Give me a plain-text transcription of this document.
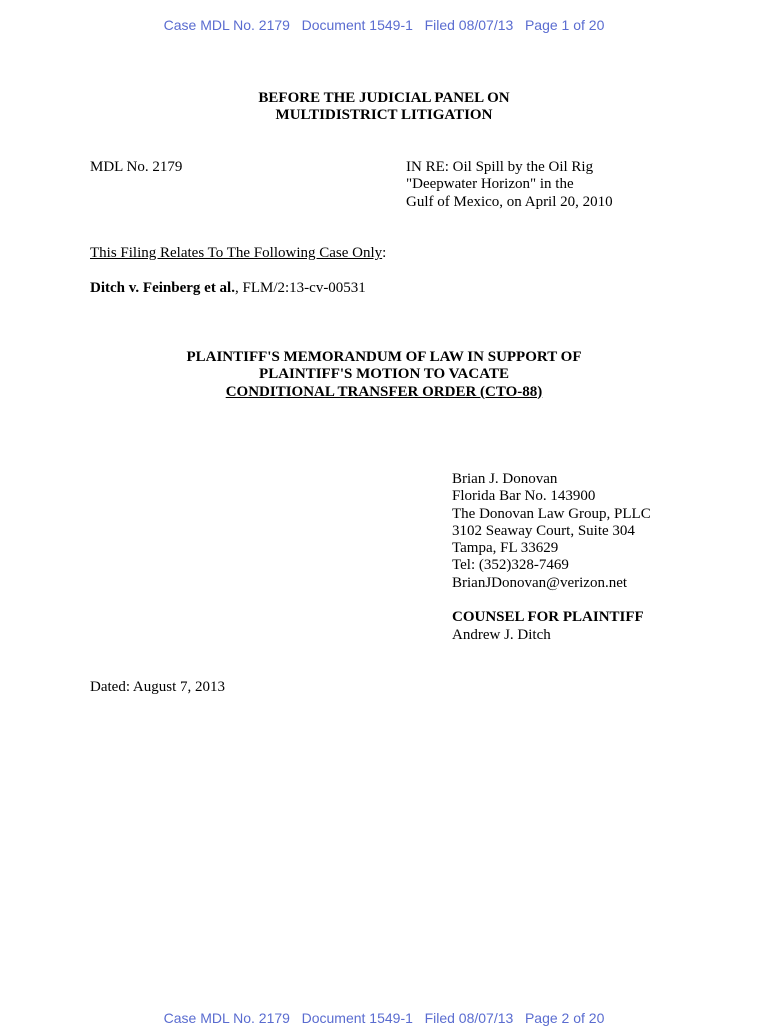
Case MDL No. 2179   Document 1549-1   Filed 08/07/13   Page 1 of 20
BEFORE THE JUDICIAL PANEL ON
MULTIDISTRICT LITIGATION
MDL No. 2179	IN RE: Oil Spill by the Oil Rig
"Deepwater Horizon" in the
Gulf of Mexico, on April 20, 2010
This Filing Relates To The Following Case Only:
Ditch v. Feinberg et al., FLM/2:13-cv-00531
PLAINTIFF'S MEMORANDUM OF LAW IN SUPPORT OF
PLAINTIFF'S MOTION TO VACATE
CONDITIONAL TRANSFER ORDER (CTO-88)
Brian J. Donovan
Florida Bar No. 143900
The Donovan Law Group, PLLC
3102 Seaway Court, Suite 304
Tampa, FL 33629
Tel: (352)328-7469
BrianJDonovan@verizon.net
COUNSEL FOR PLAINTIFF
Andrew J. Ditch
Dated: August 7, 2013
Case MDL No. 2179   Document 1549-1   Filed 08/07/13   Page 2 of 20
